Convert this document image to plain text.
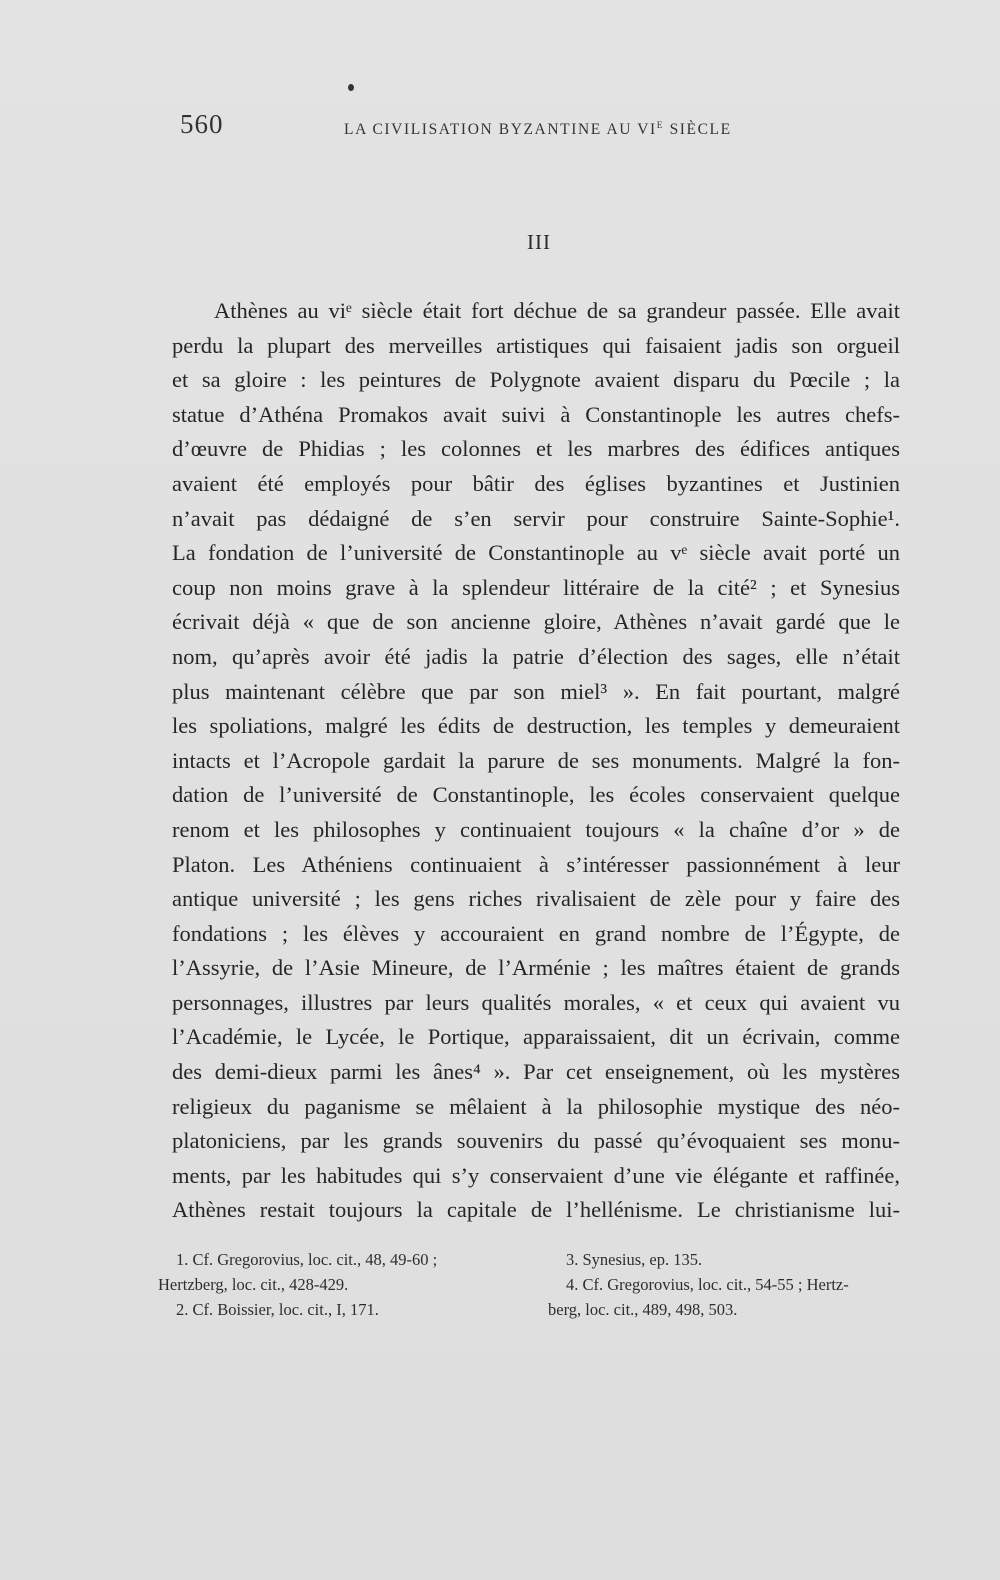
560	LA CIVILISATION BYZANTINE AU $VI^E$ SIÈCLE
III
Athènes au viᵉ siècle était fort déchue de sa grandeur passée. Elle avait
perdu la plupart des merveilles artistiques qui faisaient jadis son orgueil
et sa gloire : les peintures de Polygnote avaient disparu du Pœcile ; la
statue d’Athéna Promakos avait suivi à Constantinople les autres chefs-
d’œuvre de Phidias ; les colonnes et les marbres des édifices antiques
avaient été employés pour bâtir des églises byzantines et Justinien
n’avait pas dédaigné de s’en servir pour construire Sainte-Sophie¹.
La fondation de l’université de Constantinople au vᵉ siècle avait porté un
coup non moins grave à la splendeur littéraire de la cité² ; et Synesius
écrivait déjà « que de son ancienne gloire, Athènes n’avait gardé que le
nom, qu’après avoir été jadis la patrie d’élection des sages, elle n’était
plus maintenant célèbre que par son miel³ ». En fait pourtant, malgré
les spoliations, malgré les édits de destruction, les temples y demeuraient
intacts et l’Acropole gardait la parure de ses monuments. Malgré la fon-
dation de l’université de Constantinople, les écoles conservaient quelque
renom et les philosophes y continuaient toujours « la chaîne d’or » de
Platon. Les Athéniens continuaient à s’intéresser passionnément à leur
antique université ; les gens riches rivalisaient de zèle pour y faire des
fondations ; les élèves y accouraient en grand nombre de l’Égypte, de
l’Assyrie, de l’Asie Mineure, de l’Arménie ; les maîtres étaient de grands
personnages, illustres par leurs qualités morales, « et ceux qui avaient vu
l’Académie, le Lycée, le Portique, apparaissaient, dit un écrivain, comme
des demi-dieux parmi les ânes⁴ ». Par cet enseignement, où les mystères
religieux du paganisme se mêlaient à la philosophie mystique des néo-
platoniciens, par les grands souvenirs du passé qu’évoquaient ses monu-
ments, par les habitudes qui s’y conservaient d’une vie élégante et raffinée,
Athènes restait toujours la capitale de l’hellénisme. Le christianisme lui-
1. Cf. Gregorovius, loc. cit., 48, 49-60 ;
Hertzberg, loc. cit., 428-429.
2. Cf. Boissier, loc. cit., I, 171.
3. Synesius, ep. 135.
4. Cf. Gregorovius, loc. cit., 54-55 ; Hertz-
berg, loc. cit., 489, 498, 503.
